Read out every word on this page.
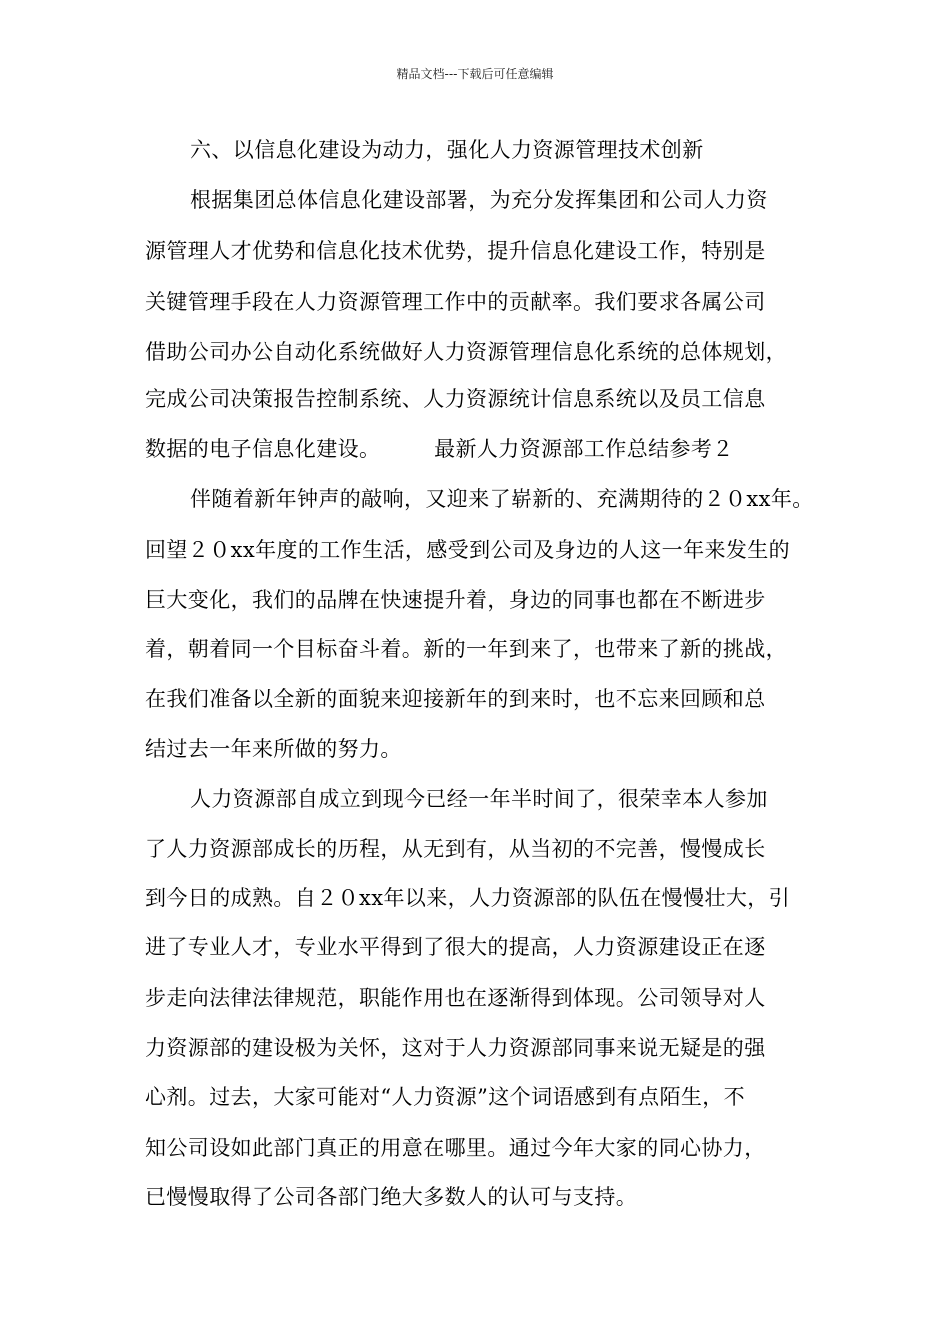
精品文档---下载后可任意编辑
六、以信息化建设为动力，强化人力资源管理技术创新
根据集团总体信息化建设部署，为充分发挥集团和公司人力资
源管理人才优势和信息化技术优势，提升信息化建设工作，特别是
关键管理手段在人力资源管理工作中的贡献率。我们要求各属公司
借助公司办公自动化系统做好人力资源管理信息化系统的总体规划，
完成公司决策报告控制系统、人力资源统计信息系统以及员工信息
数据的电子信息化建设。　　　最新人力资源部工作总结参考２
伴随着新年钟声的敲响，又迎来了崭新的、充满期待的２０xx年。
回望２０xx年度的工作生活，感受到公司及身边的人这一年来发生的
巨大变化，我们的品牌在快速提升着，身边的同事也都在不断进步
着，朝着同一个目标奋斗着。新的一年到来了，也带来了新的挑战，
在我们准备以全新的面貌来迎接新年的到来时，也不忘来回顾和总
结过去一年来所做的努力。
人力资源部自成立到现今已经一年半时间了，很荣幸本人参加
了人力资源部成长的历程，从无到有，从当初的不完善，慢慢成长
到今日的成熟。自２０xx年以来，人力资源部的队伍在慢慢壮大，引
进了专业人才，专业水平得到了很大的提高，人力资源建设正在逐
步走向法律法律规范，职能作用也在逐渐得到体现。公司领导对人
力资源部的建设极为关怀，这对于人力资源部同事来说无疑是的强
心剂。过去，大家可能对“人力资源”这个词语感到有点陌生，不
知公司设如此部门真正的用意在哪里。通过今年大家的同心协力，
已慢慢取得了公司各部门绝大多数人的认可与支持。
